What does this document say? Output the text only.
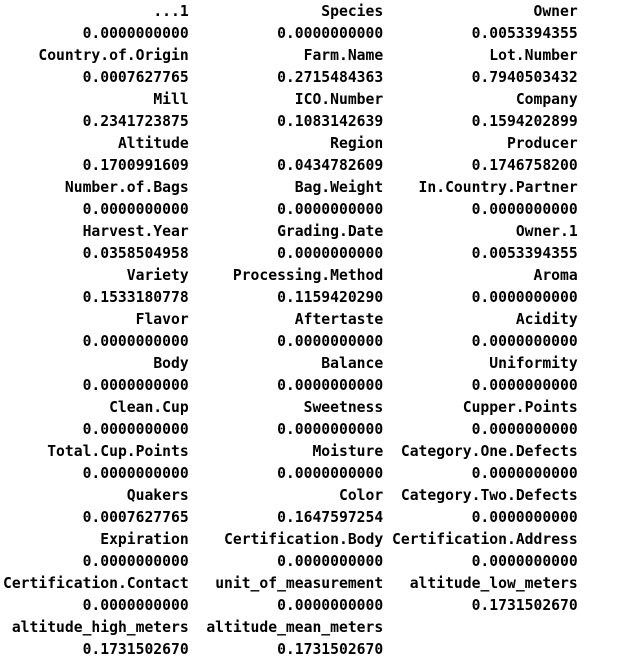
...1	Species	Owner
0.0000000000	0.0000000000	0.0053394355
Country.of.Origin	Farm.Name	Lot.Number
0.0007627765	0.2715484363	0.7940503432
Mill	ICO.Number	Company
0.2341723875	0.1083142639	0.1594202899
Altitude	Region	Producer
0.1700991609	0.0434782609	0.1746758200
Number.of.Bags	Bag.Weight	In.Country.Partner
0.0000000000	0.0000000000	0.0000000000
Harvest.Year	Grading.Date	Owner.1
0.0358504958	0.0000000000	0.0053394355
Variety	Processing.Method	Aroma
0.1533180778	0.1159420290	0.0000000000
Flavor	Aftertaste	Acidity
0.0000000000	0.0000000000	0.0000000000
Body	Balance	Uniformity
0.0000000000	0.0000000000	0.0000000000
Clean.Cup	Sweetness	Cupper.Points
0.0000000000	0.0000000000	0.0000000000
Total.Cup.Points	Moisture	Category.One.Defects
0.0000000000	0.0000000000	0.0000000000
Quakers	Color	Category.Two.Defects
0.0007627765	0.1647597254	0.0000000000
Expiration	Certification.Body Certification.Address
0.0000000000	0.0000000000	0.0000000000
Certification.Contact	unit_of_measurement	altitude_low_meters
0.0000000000	0.0000000000	0.1731502670
altitude_high_meters	altitude_mean_meters
0.1731502670	0.1731502670
